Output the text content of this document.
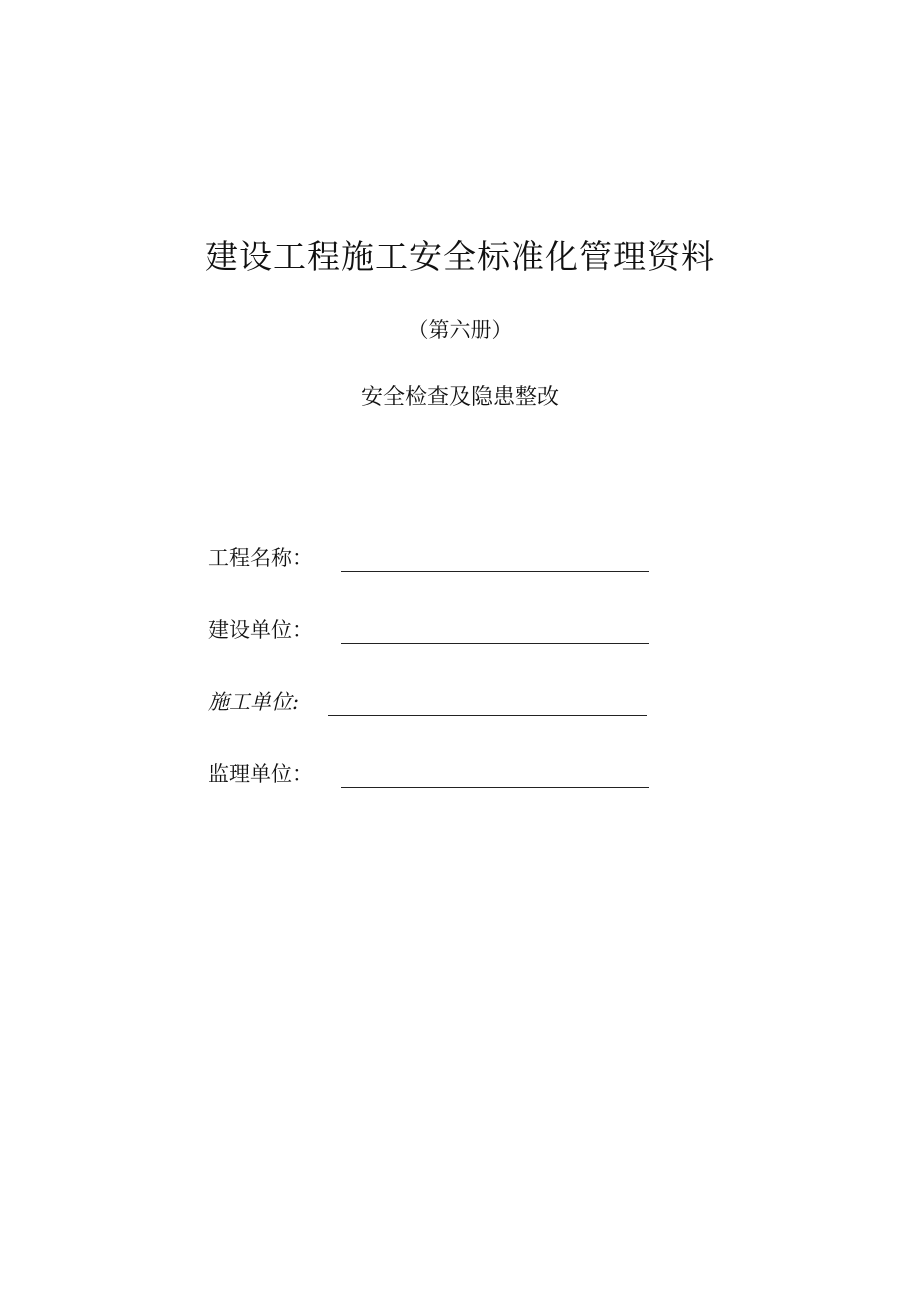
建设工程施工安全标准化管理资料
（第六册）
安全检查及隐患整改
工程名称：
建设单位：
施工单位:
监理单位：
